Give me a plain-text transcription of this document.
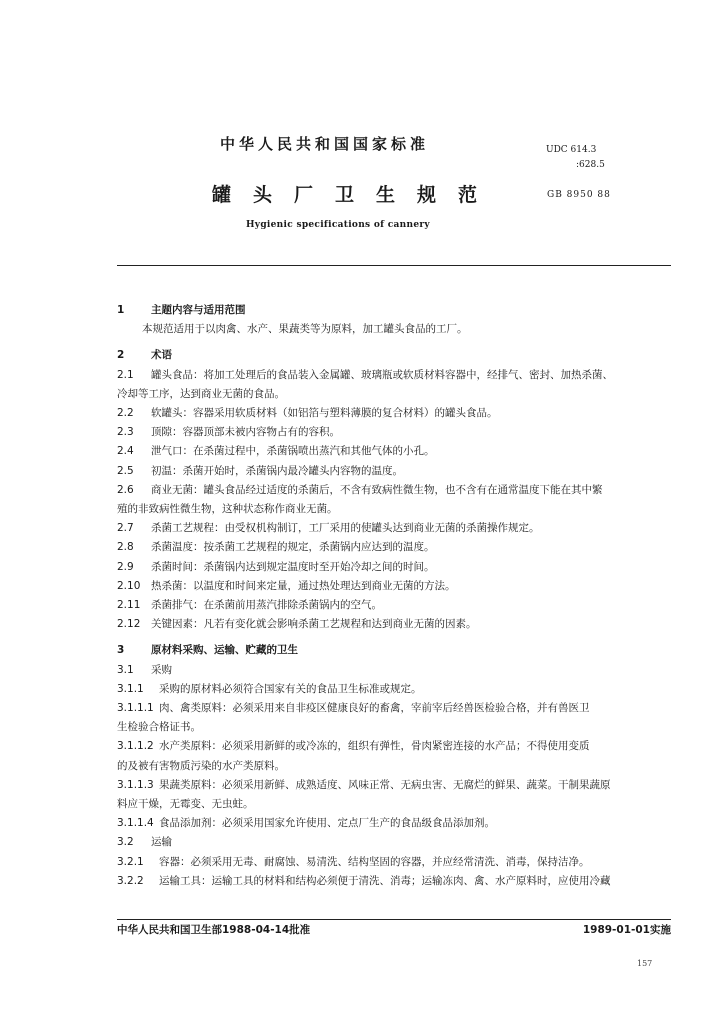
中华人民共和国国家标准	UDC 614.3
:628.5
罐头厂卫生规范	GB 8950 88
Hygienic specifications of cannery
1	主题内容与适用范围
本规范适用于以肉禽、水产、果蔬类等为原料，加工罐头食品的工厂。
2	术语
2.1 罐头食品：将加工处理后的食品装入金属罐、玻璃瓶或软质材料容器中，经排气、密封、加热杀菌、
冷却等工序，达到商业无菌的食品。
2.2 软罐头：容器采用软质材料（如铝箔与塑料薄膜的复合材料）的罐头食品。
2.3 顶隙：容器顶部未被内容物占有的容积。
2.4 泄气口：在杀菌过程中，杀菌锅喷出蒸汽和其他气体的小孔。
2.5 初温：杀菌开始时，杀菌锅内最冷罐头内容物的温度。
2.6 商业无菌：罐头食品经过适度的杀菌后，不含有致病性微生物，也不含有在通常温度下能在其中繁
殖的非致病性微生物，这种状态称作商业无菌。
2.7 杀菌工艺规程：由受权机构制订，工厂采用的使罐头达到商业无菌的杀菌操作规定。
2.8 杀菌温度：按杀菌工艺规程的规定，杀菌锅内应达到的温度。
2.9 杀菌时间：杀菌锅内达到规定温度时至开始冷却之间的时间。
2.10 热杀菌：以温度和时间来定量，通过热处理达到商业无菌的方法。
2.11 杀菌排气：在杀菌前用蒸汽排除杀菌锅内的空气。
2.12 关键因素：凡若有变化就会影响杀菌工艺规程和达到商业无菌的因素。
3	原材料采购、运输、贮藏的卫生
3.1 采购
3.1.1 采购的原材料必须符合国家有关的食品卫生标准或规定。
3.1.1.1 肉、禽类原料：必须采用来自非疫区健康良好的畜禽，宰前宰后经兽医检验合格，并有兽医卫
生检验合格证书。
3.1.1.2 水产类原料：必须采用新鲜的或冷冻的，组织有弹性，骨肉紧密连接的水产品；不得使用变质
的及被有害物质污染的水产类原料。
3.1.1.3 果蔬类原料：必须采用新鲜、成熟适度、风味正常、无病虫害、无腐烂的鲜果、蔬菜。干制果蔬原
料应干燥，无霉变、无虫蛀。
3.1.1.4 食品添加剂：必须采用国家允许使用、定点厂生产的食品级食品添加剂。
3.2 运输
3.2.1 容器：必须采用无毒、耐腐蚀、易清洗、结构坚固的容器，并应经常清洗、消毒，保持洁净。
3.2.2 运输工具：运输工具的材料和结构必须便于清洗、消毒；运输冻肉、禽、水产原料时，应使用冷藏
中华人民共和国卫生部1988-04-14批准	1989-01-01实施
157
